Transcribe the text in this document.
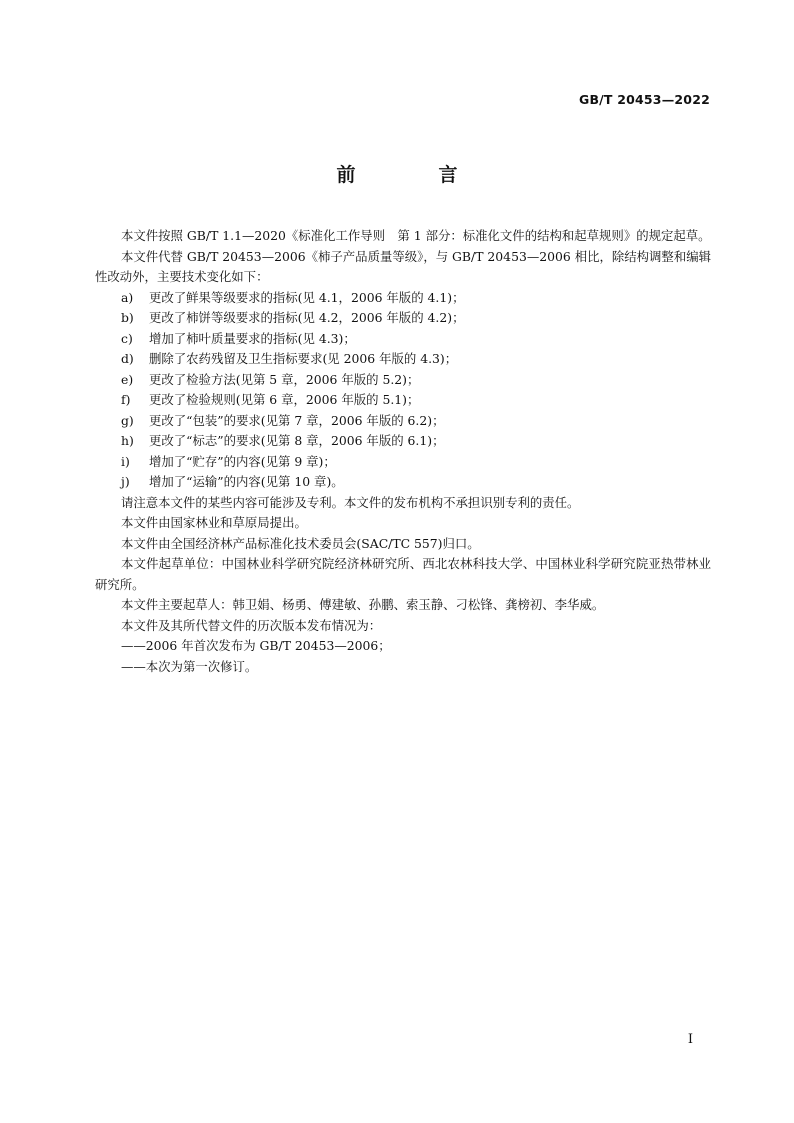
GB/T 20453—2022
前　言

本文件按照 GB/T 1.1—2020《标准化工作导则　第 1 部分：标准化文件的结构和起草规则》的规定起草。

本文件代替 GB/T 20453—2006《柿子产品质量等级》，与 GB/T 20453—2006 相比，除结构调整和编辑性改动外，主要技术变化如下：

a) 更改了鲜果等级要求的指标(见 4.1，2006 年版的 4.1)；

b) 更改了柿饼等级要求的指标(见 4.2，2006 年版的 4.2)；

c) 增加了柿叶质量要求的指标(见 4.3)；

d) 删除了农药残留及卫生指标要求(见 2006 年版的 4.3)；

e) 更改了检验方法(见第 5 章，2006 年版的 5.2)；

f) 更改了检验规则(见第 6 章，2006 年版的 5.1)；

g) 更改了“包装”的要求(见第 7 章，2006 年版的 6.2)；

h) 更改了“标志”的要求(见第 8 章，2006 年版的 6.1)；

i) 增加了“贮存”的内容(见第 9 章)；

j) 增加了“运输”的内容(见第 10 章)。

请注意本文件的某些内容可能涉及专利。本文件的发布机构不承担识别专利的责任。

本文件由国家林业和草原局提出。

本文件由全国经济林产品标准化技术委员会(SAC/TC 557)归口。

本文件起草单位：中国林业科学研究院经济林研究所、西北农林科技大学、中国林业科学研究院亚热带林业研究所。

本文件主要起草人：韩卫娟、杨勇、傅建敏、孙鹏、索玉静、刁松锋、龚榜初、李华威。

本文件及其所代替文件的历次版本发布情况为：

——2006 年首次发布为 GB/T 20453—2006；

——本次为第一次修订。

I
